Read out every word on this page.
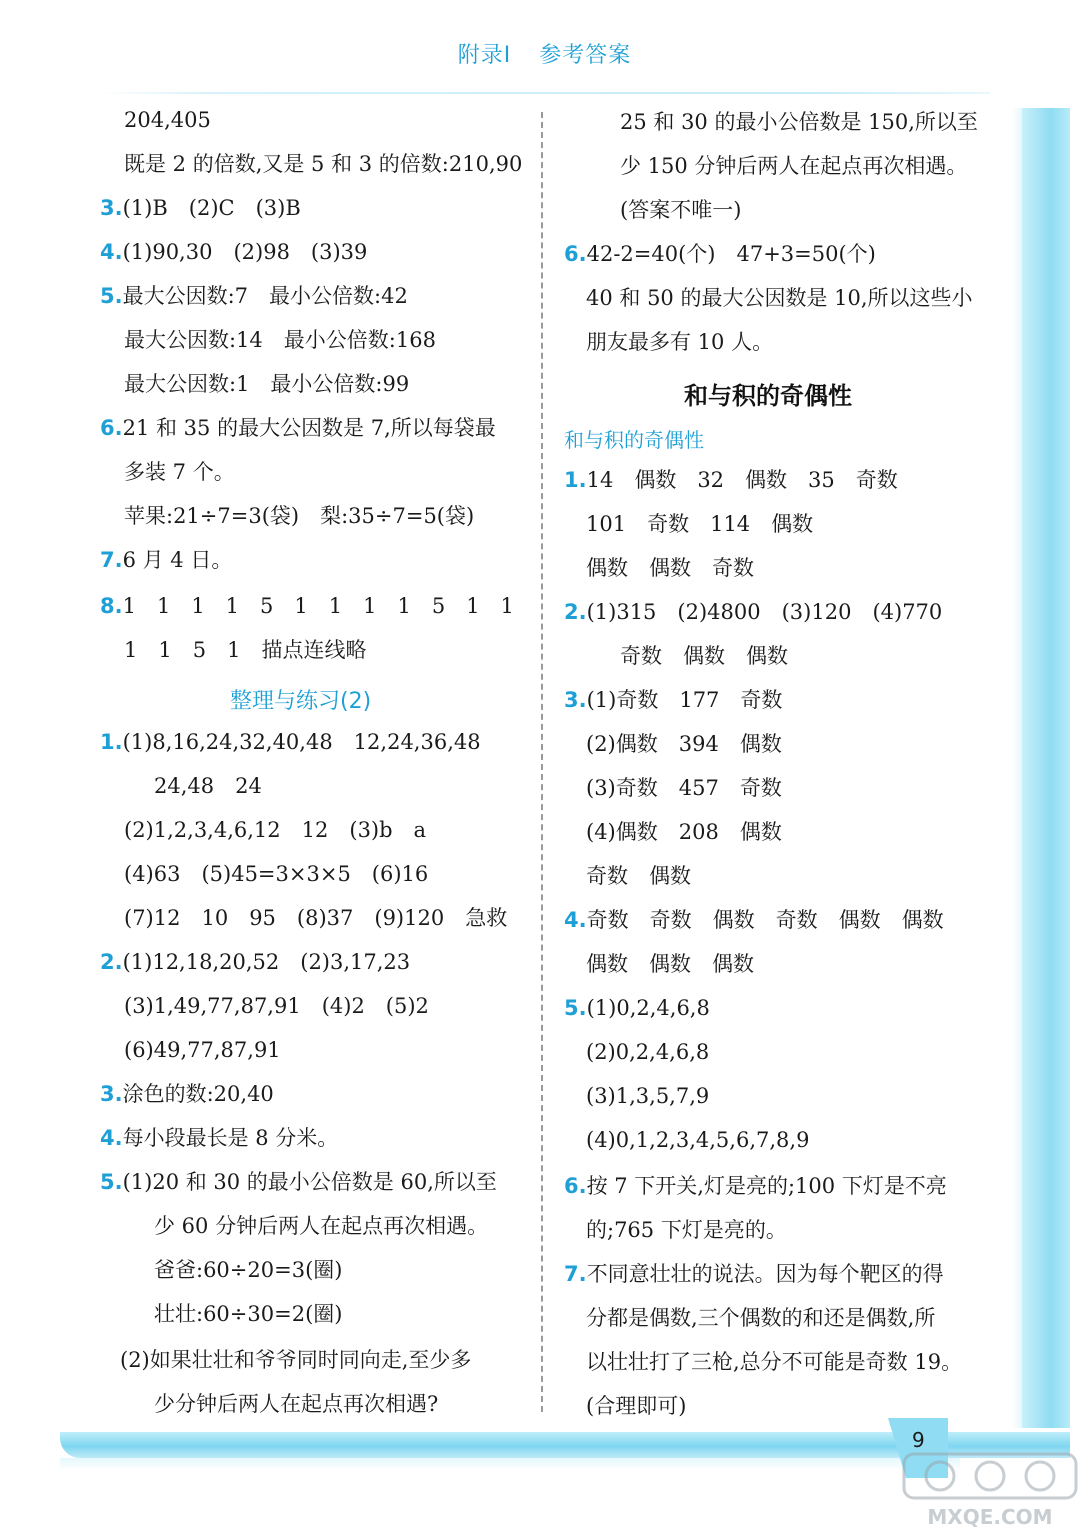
9
附录Ⅰ 参考答案
204,405
既是 2 的倍数,又是 5 和 3 的倍数:210,90
3.(1)B　(2)C　(3)B
4.(1)90,30　(2)98　(3)39
5.最大公因数:7　最小公倍数:42
最大公因数:14　最小公倍数:168
最大公因数:1　最小公倍数:99
6.21 和 35 的最大公因数是 7,所以每袋最
多装 7 个。
苹果:21÷7=3(袋)　梨:35÷7=5(袋)
7.6 月 4 日。
8.1　1　1　1　5　1　1　1　1　5　1　1
1　1　5　1　描点连线略
整理与练习(2)
1.(1)8,16,24,32,40,48　12,24,36,48
24,48　24
(2)1,2,3,4,6,12　12　(3)b　a
(4)63　(5)45=3×3×5　(6)16
(7)12　10　95　(8)37　(9)120　急救
2.(1)12,18,20,52　(2)3,17,23
(3)1,49,77,87,91　(4)2　(5)2
(6)49,77,87,91
3.涂色的数:20,40
4.每小段最长是 8 分米。
5.(1)20 和 30 的最小公倍数是 60,所以至
少 60 分钟后两人在起点再次相遇。
爸爸:60÷20=3(圈)
壮壮:60÷30=2(圈)
(2)如果壮壮和爷爷同时同向走,至少多
少分钟后两人在起点再次相遇?
25 和 30 的最小公倍数是 150,所以至
少 150 分钟后两人在起点再次相遇。
(答案不唯一)
6.42-2=40(个)　47+3=50(个)
40 和 50 的最大公因数是 10,所以这些小
朋友最多有 10 人。
和与积的奇偶性
和与积的奇偶性
1.14　偶数　32　偶数　35　奇数
101　奇数　114　偶数
偶数　偶数　奇数
2.(1)315　(2)4800　(3)120　(4)770
奇数　偶数　偶数
3.(1)奇数　177　奇数
(2)偶数　394　偶数
(3)奇数　457　奇数
(4)偶数　208　偶数
奇数　偶数
4.奇数　奇数　偶数　奇数　偶数　偶数
偶数　偶数　偶数
5.(1)0,2,4,6,8
(2)0,2,4,6,8
(3)1,3,5,7,9
(4)0,1,2,3,4,5,6,7,8,9
6.按 7 下开关,灯是亮的;100 下灯是不亮
的;765 下灯是亮的。
7.不同意壮壮的说法。因为每个靶区的得
分都是偶数,三个偶数的和还是偶数,所
以壮壮打了三枪,总分不可能是奇数 19。
(合理即可)
MXQE.COM
